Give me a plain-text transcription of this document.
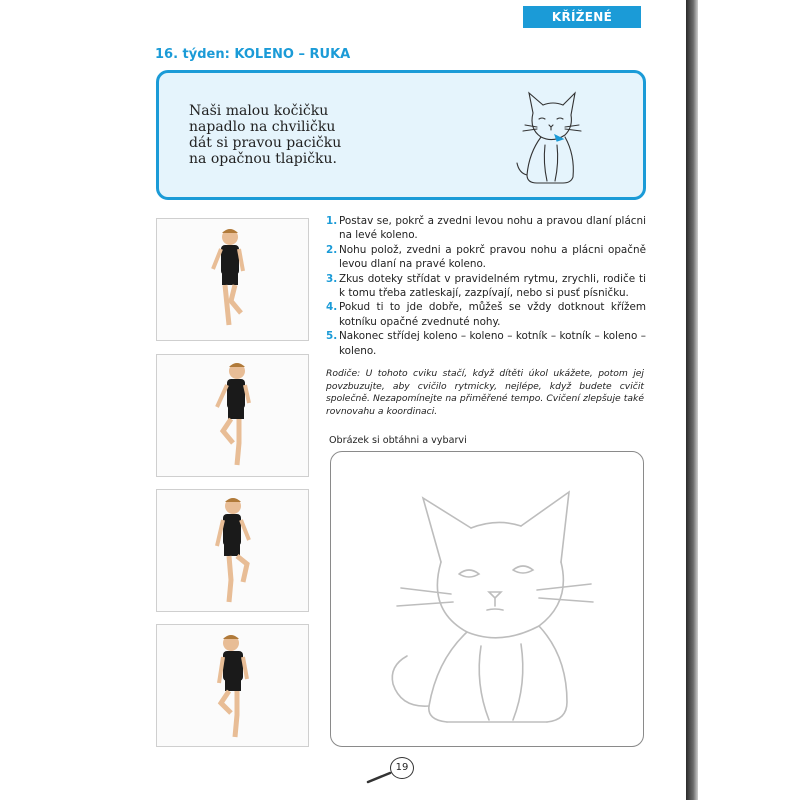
KŘÍŽENÉ POHYBY
16. týden: KOLENO – RUKA
Naši malou kočičku
napadlo na chviličku
dát si pravou pacičku
na opačnou tlapičku.
1. Postav se, pokrč a zvedni levou nohu a pravou dlaní plácni na levé koleno.
2. Nohu polož, zvedni a pokrč pravou nohu a plácni opačně levou dlaní na pravé koleno.
3. Zkus doteky střídat v pravidelném rytmu, zrychli, rodiče ti k tomu třeba zatleskají, zazpívají, nebo si pusť písničku.
4. Pokud ti to jde dobře, můžeš se vždy dotknout křížem kotníku opačné zvednuté nohy.
5. Nakonec střídej koleno – koleno – kotník – kotník – koleno – koleno.
Rodiče: U tohoto cviku stačí, když dítěti úkol ukážete, potom jej povzbuzujte, aby cvičilo rytmicky, nejlépe, když budete cvičit společně. Nezapomínejte na přiměřené tempo. Cvičení zlepšuje také rovnovahu a koordinaci.
Obrázek si obtáhni a vybarvi
19
